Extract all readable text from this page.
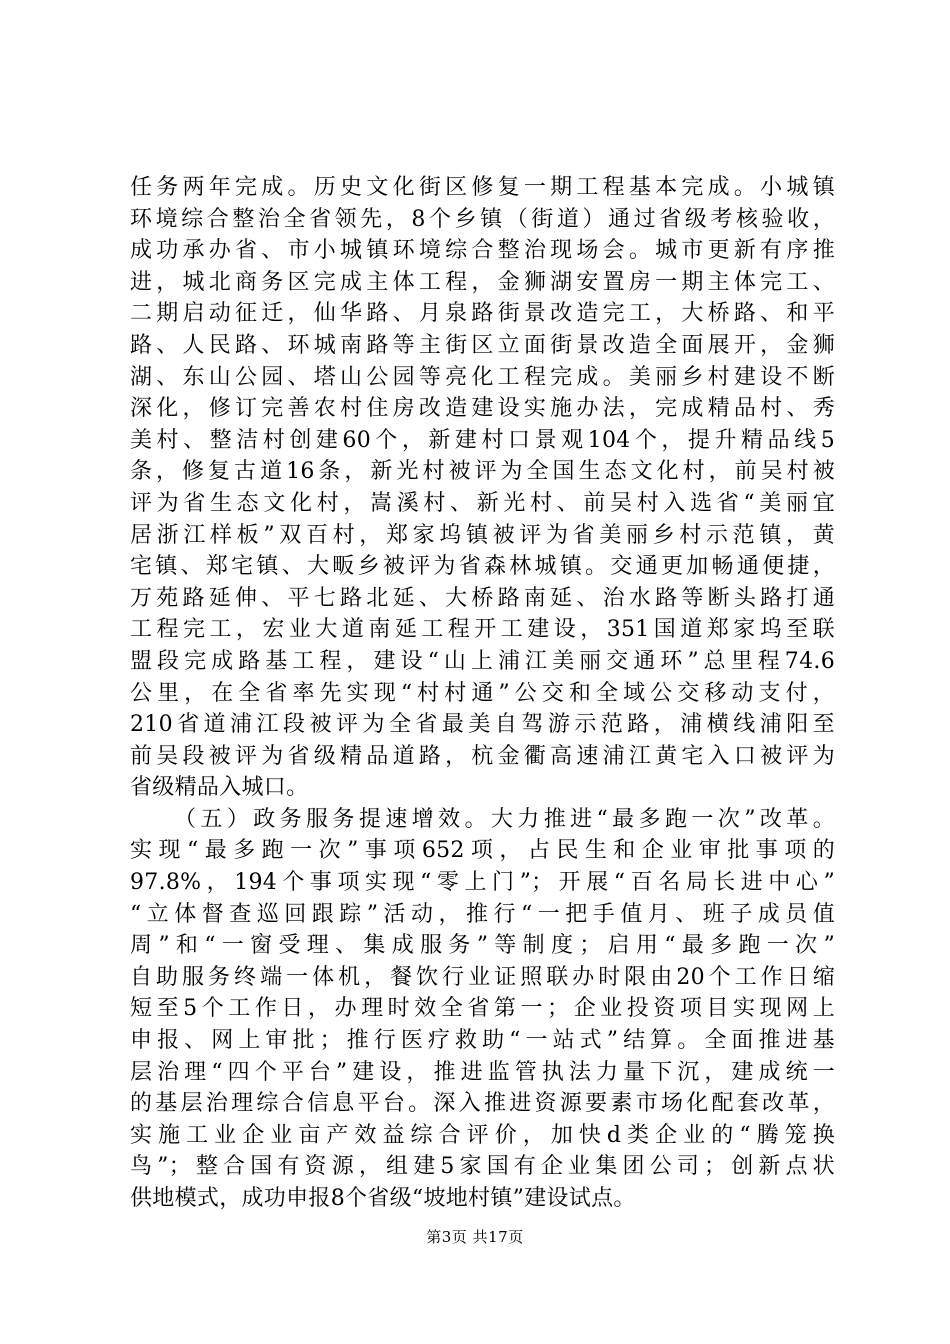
任务两年完成。历史文化街区修复一期工程基本完成。小城镇
环境综合整治全省领先，8个乡镇（街道）通过省级考核验收，
成功承办省、市小城镇环境综合整治现场会。城市更新有序推
进，城北商务区完成主体工程，金狮湖安置房一期主体完工、
二期启动征迁，仙华路、月泉路街景改造完工，大桥路、和平
路、人民路、环城南路等主街区立面街景改造全面展开，金狮
湖、东山公园、塔山公园等亮化工程完成。美丽乡村建设不断
深化，修订完善农村住房改造建设实施办法，完成精品村、秀
美村、整洁村创建60个，新建村口景观104个，提升精品线5
条，修复古道16条，新光村被评为全国生态文化村，前吴村被
评为省生态文化村，嵩溪村、新光村、前吴村入选省“美丽宜
居浙江样板”双百村，郑家坞镇被评为省美丽乡村示范镇，黄
宅镇、郑宅镇、大畈乡被评为省森林城镇。交通更加畅通便捷，
万苑路延伸、平七路北延、大桥路南延、治水路等断头路打通
工程完工，宏业大道南延工程开工建设，351国道郑家坞至联
盟段完成路基工程，建设“山上浦江美丽交通环”总里程74.6
公里，在全省率先实现“村村通”公交和全域公交移动支付，
210省道浦江段被评为全省最美自驾游示范路，浦横线浦阳至
前吴段被评为省级精品道路，杭金衢高速浦江黄宅入口被评为
省级精品入城口。
（五）政务服务提速增效。大力推进“最多跑一次”改革。
实现“最多跑一次”事项652项，占民生和企业审批事项的
97.8%，194个事项实现“零上门”；开展“百名局长进中心”
“立体督查巡回跟踪”活动，推行“一把手值月、班子成员值
周”和“一窗受理、集成服务”等制度；启用“最多跑一次”
自助服务终端一体机，餐饮行业证照联办时限由20个工作日缩
短至5个工作日，办理时效全省第一；企业投资项目实现网上
申报、网上审批；推行医疗救助“一站式”结算。全面推进基
层治理“四个平台”建设，推进监管执法力量下沉，建成统一
的基层治理综合信息平台。深入推进资源要素市场化配套改革，
实施工业企业亩产效益综合评价，加快d类企业的“腾笼换
鸟”；整合国有资源，组建5家国有企业集团公司；创新点状
供地模式，成功申报8个省级“坡地村镇”建设试点。
第3页 共17页
